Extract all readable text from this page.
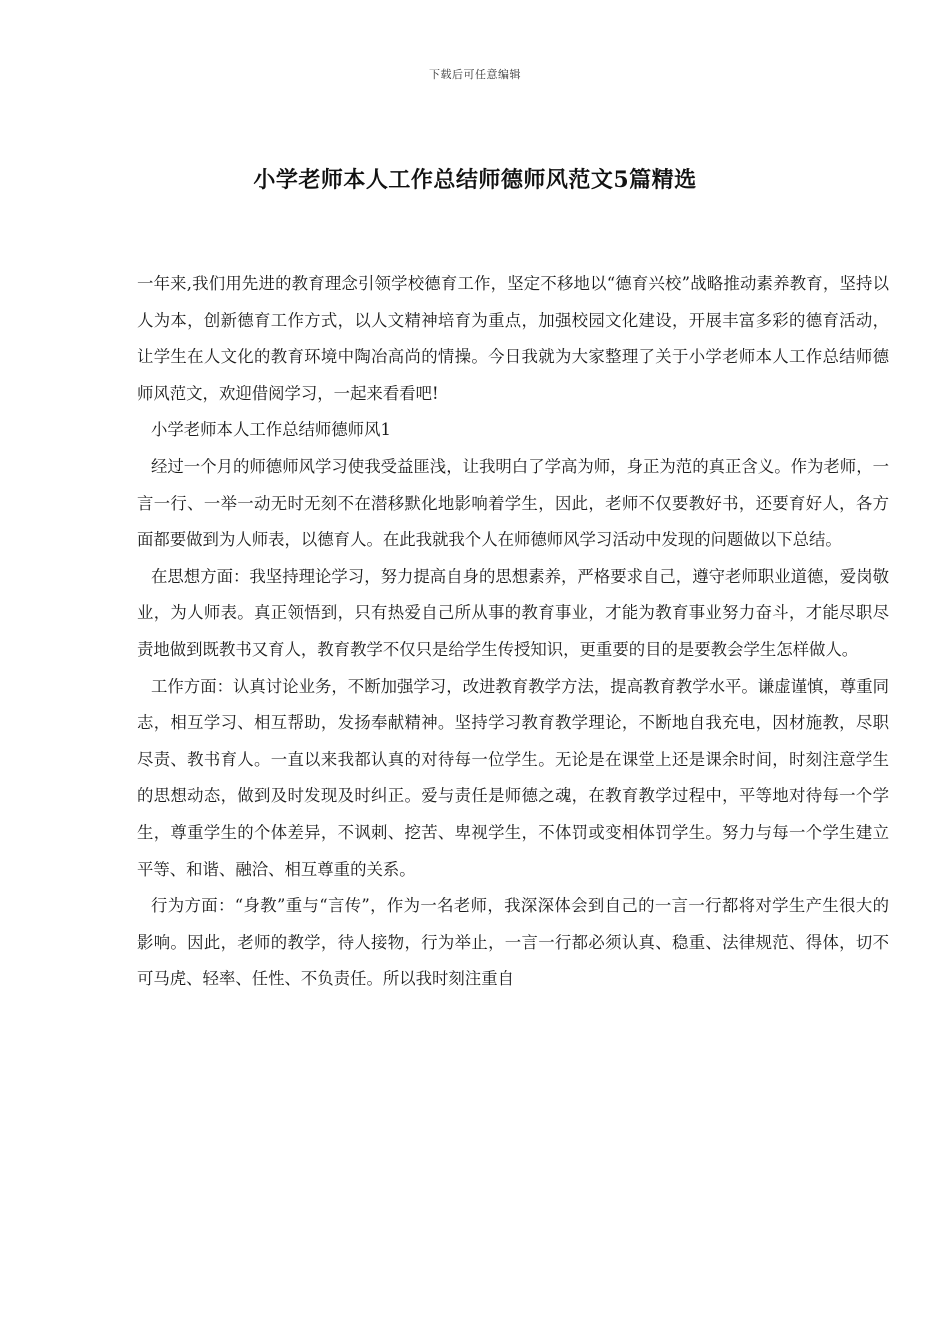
下载后可任意编辑
小学老师本人工作总结师德师风范文5篇精选

一年来,我们用先进的教育理念引领学校德育工作，坚定不移地以“德育兴校”战略推动素养教育，坚持以人为本，创新德育工作方式，以人文精神培育为重点，加强校园文化建设，开展丰富多彩的德育活动，让学生在人文化的教育环境中陶冶高尚的情操。今日我就为大家整理了关于小学老师本人工作总结师德师风范文，欢迎借阅学习，一起来看看吧!

小学老师本人工作总结师德师风1

经过一个月的师德师风学习使我受益匪浅，让我明白了学高为师，身正为范的真正含义。作为老师，一言一行、一举一动无时无刻不在潜移默化地影响着学生，因此，老师不仅要教好书，还要育好人，各方面都要做到为人师表，以德育人。在此我就我个人在师德师风学习活动中发现的问题做以下总结。

在思想方面：我坚持理论学习，努力提高自身的思想素养，严格要求自己，遵守老师职业道德，爱岗敬业，为人师表。真正领悟到，只有热爱自己所从事的教育事业，才能为教育事业努力奋斗，才能尽职尽责地做到既教书又育人，教育教学不仅只是给学生传授知识，更重要的目的是要教会学生怎样做人。

工作方面：认真讨论业务，不断加强学习，改进教育教学方法，提高教育教学水平。谦虚谨慎，尊重同志，相互学习、相互帮助，发扬奉献精神。坚持学习教育教学理论，不断地自我充电，因材施教，尽职尽责、教书育人。一直以来我都认真的对待每一位学生。无论是在课堂上还是课余时间，时刻注意学生的思想动态，做到及时发现及时纠正。爱与责任是师德之魂，在教育教学过程中，平等地对待每一个学生，尊重学生的个体差异，不讽刺、挖苦、卑视学生，不体罚或变相体罚学生。努力与每一个学生建立平等、和谐、融洽、相互尊重的关系。

行为方面：“身教”重与“言传”，作为一名老师，我深深体会到自己的一言一行都将对学生产生很大的影响。因此，老师的教学，待人接物，行为举止，一言一行都必须认真、稳重、法律规范、得体，切不可马虎、轻率、任性、不负责任。所以我时刻注重自
